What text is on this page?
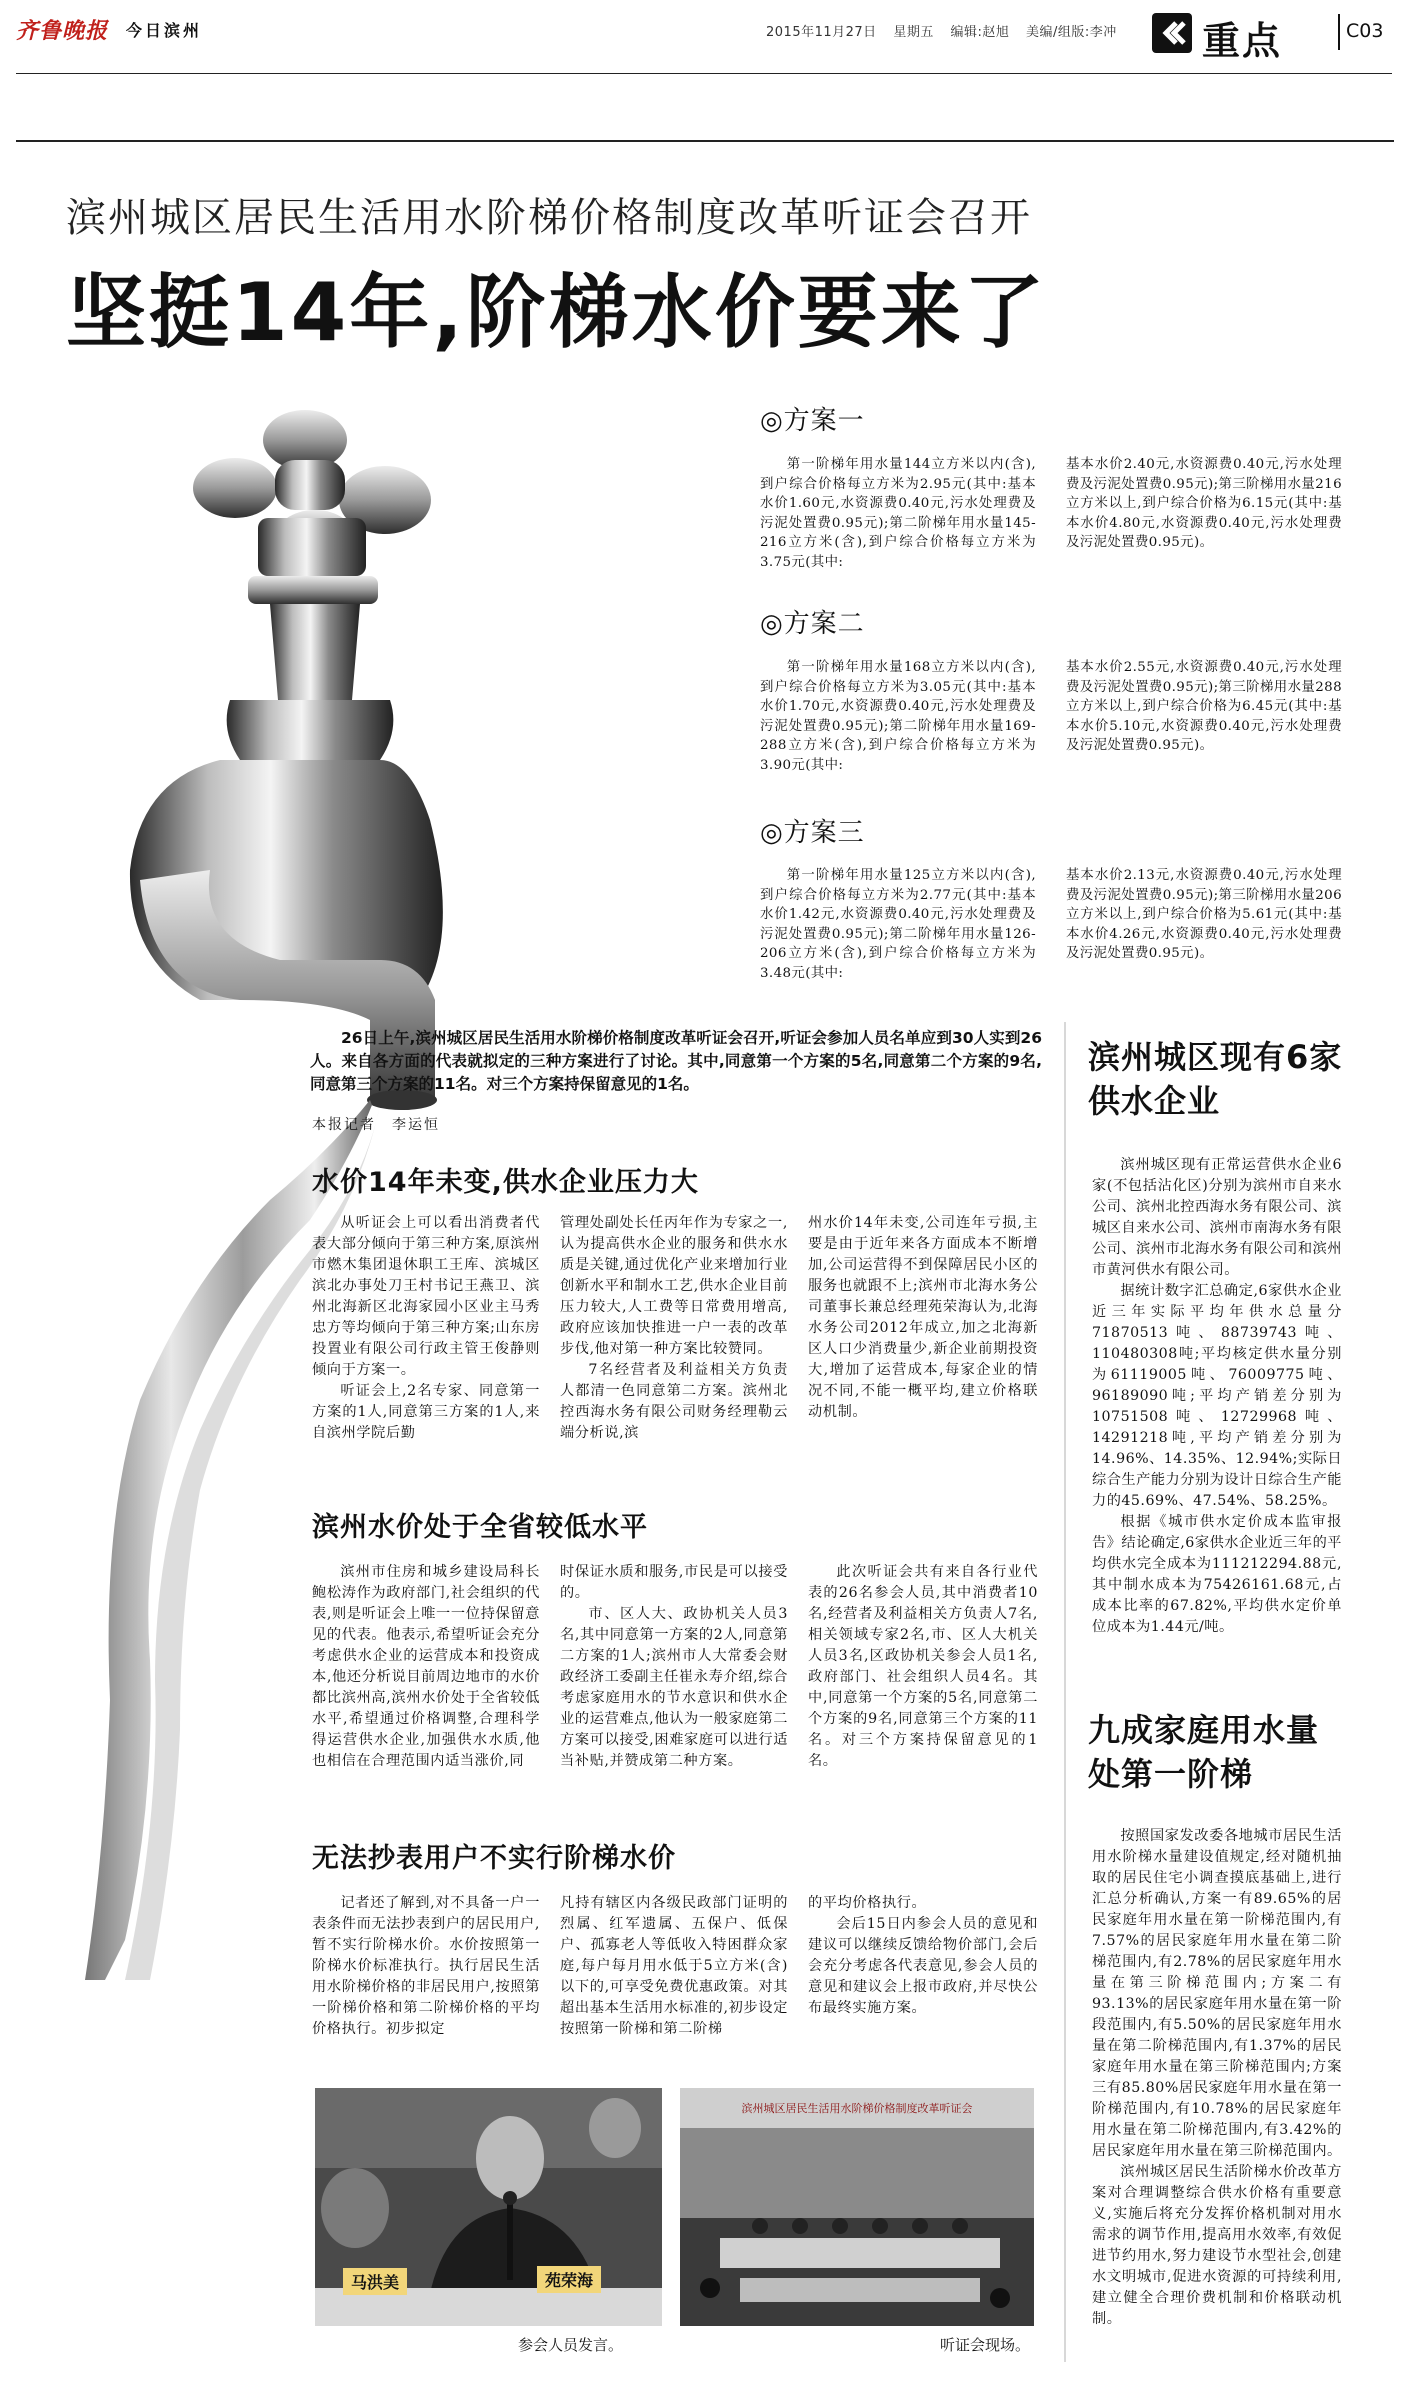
齐鲁晚报 今日滨州	2015年11月27日 星期五 编辑:赵旭 美编/组版:李冲 重点	C03
滨州城区居民生活用水阶梯价格制度改革听证会召开
坚挺14年,阶梯水价要来了
◎方案一

第一阶梯年用水量144立方米以内(含),到户综合价格每立方米为2.95元(其中:基本水价1.60元,水资源费0.40元,污水处理费及污泥处置费0.95元);第二阶梯年用水量145-216立方米(含),到户综合价格每立方米为3.75元(其中:

基本水价2.40元,水资源费0.40元,污水处理费及污泥处置费0.95元);第三阶梯用水量216立方米以上,到户综合价格为6.15元(其中:基本水价4.80元,水资源费0.40元,污水处理费及污泥处置费0.95元)。

◎方案二

第一阶梯年用水量168立方米以内(含),到户综合价格每立方米为3.05元(其中:基本水价1.70元,水资源费0.40元,污水处理费及污泥处置费0.95元);第二阶梯年用水量169-288立方米(含),到户综合价格每立方米为3.90元(其中:

基本水价2.55元,水资源费0.40元,污水处理费及污泥处置费0.95元);第三阶梯用水量288立方米以上,到户综合价格为6.45元(其中:基本水价5.10元,水资源费0.40元,污水处理费及污泥处置费0.95元)。

◎方案三

第一阶梯年用水量125立方米以内(含),到户综合价格每立方米为2.77元(其中:基本水价1.42元,水资源费0.40元,污水处理费及污泥处置费0.95元);第二阶梯年用水量126-206立方米(含),到户综合价格每立方米为3.48元(其中:

基本水价2.13元,水资源费0.40元,污水处理费及污泥处置费0.95元);第三阶梯用水量206立方米以上,到户综合价格为5.61元(其中:基本水价4.26元,水资源费0.40元,污水处理费及污泥处置费0.95元)。

26日上午,滨州城区居民生活用水阶梯价格制度改革听证会召开,听证会参加人员名单应到30人实到26人。来自各方面的代表就拟定的三种方案进行了讨论。其中,同意第一个方案的5名,同意第二个方案的9名,同意第三个方案的11名。对三个方案持保留意见的1名。
本报记者　李运恒
水价14年未变,供水企业压力大

从听证会上可以看出消费者代表大部分倾向于第三种方案,原滨州市燃木集团退休职工王库、滨城区滨北办事处刀王村书记王燕卫、滨州北海新区北海家园小区业主马秀忠方等均倾向于第三种方案;山东房投置业有限公司行政主管王俊静则倾向于方案一。

听证会上,2名专家、同意第一方案的1人,同意第三方案的1人,来自滨州学院后勤

管理处副处长任丙年作为专家之一,认为提高供水企业的服务和供水水质是关键,通过优化产业来增加行业创新水平和制水工艺,供水企业目前压力较大,人工费等日常费用增高,政府应该加快推进一户一表的改革步伐,他对第一种方案比较赞同。

7名经营者及利益相关方负责人都清一色同意第二方案。滨州北控西海水务有限公司财务经理勒云端分析说,滨

州水价14年未变,公司连年亏损,主要是由于近年来各方面成本不断增加,公司运营得不到保障居民小区的服务也就跟不上;滨州市北海水务公司董事长兼总经理苑荣海认为,北海水务公司2012年成立,加之北海新区人口少消费量少,新企业前期投资大,增加了运营成本,每家企业的情况不同,不能一概平均,建立价格联动机制。

滨州水价处于全省较低水平

滨州市住房和城乡建设局科长鲍松涛作为政府部门,社会组织的代表,则是听证会上唯一一位持保留意见的代表。他表示,希望听证会充分考虑供水企业的运营成本和投资成本,他还分析说目前周边地市的水价都比滨州高,滨州水价处于全省较低水平,希望通过价格调整,合理科学得运营供水企业,加强供水水质,他也相信在合理范围内适当涨价,同

时保证水质和服务,市民是可以接受的。

市、区人大、政协机关人员3名,其中同意第一方案的2人,同意第二方案的1人;滨州市人大常委会财政经济工委副主任崔永寿介绍,综合考虑家庭用水的节水意识和供水企业的运营难点,他认为一般家庭第二方案可以接受,困难家庭可以进行适当补贴,并赞成第二种方案。

此次听证会共有来自各行业代表的26名参会人员,其中消费者10名,经营者及利益相关方负责人7名,相关领域专家2名,市、区人大机关人员3名,区政协机关参会人员1名,政府部门、社会组织人员4名。其中,同意第一个方案的5名,同意第二个方案的9名,同意第三个方案的11名。对三个方案持保留意见的1名。

无法抄表用户不实行阶梯水价

记者还了解到,对不具备一户一表条件而无法抄表到户的居民用户,暂不实行阶梯水价。水价按照第一阶梯水价标准执行。执行居民生活用水阶梯价格的非居民用户,按照第一阶梯价格和第二阶梯价格的平均价格执行。初步拟定

凡持有辖区内各级民政部门证明的烈属、红军遗属、五保户、低保户、孤寡老人等低收入特困群众家庭,每户每月用水低于5立方米(含)以下的,可享受免费优惠政策。对其超出基本生活用水标准的,初步设定按照第一阶梯和第二阶梯

的平均价格执行。

会后15日内参会人员的意见和建议可以继续反馈给物价部门,会后会充分考虑各代表意见,参会人员的意见和建议会上报市政府,并尽快公布最终实施方案。

滨州城区现有6家供水企业

滨州城区现有正常运营供水企业6家(不包括沾化区)分别为滨州市自来水公司、滨州北控西海水务有限公司、滨城区自来水公司、滨州市南海水务有限公司、滨州市北海水务有限公司和滨州市黄河供水有限公司。

据统计数字汇总确定,6家供水企业近三年实际平均年供水总量分71870513吨、88739743吨、110480308吨;平均核定供水量分别为61119005吨、76009775吨、96189090吨;平均产销差分别为10751508吨、12729968吨、14291218吨,平均产销差分别为14.96%、14.35%、12.94%;实际日综合生产能力分别为设计日综合生产能力的45.69%、47.54%、58.25%。

根据《城市供水定价成本监审报告》结论确定,6家供水企业近三年的平均供水完全成本为111212294.88元,其中制水成本为75426161.68元,占成本比率的67.82%,平均供水定价单位成本为1.44元/吨。

九成家庭用水量处第一阶梯

按照国家发改委各地城市居民生活用水阶梯水量建设值规定,经对随机抽取的居民住宅小调查摸底基础上,进行汇总分析确认,方案一有89.65%的居民家庭年用水量在第一阶梯范围内,有7.57%的居民家庭年用水量在第二阶梯范围内,有2.78%的居民家庭年用水量在第三阶梯范围内;方案二有93.13%的居民家庭年用水量在第一阶段范围内,有5.50%的居民家庭年用水量在第二阶梯范围内,有1.37%的居民家庭年用水量在第三阶梯范围内;方案三有85.80%居民家庭年用水量在第一阶梯范围内,有10.78%的居民家庭年用水量在第二阶梯范围内,有3.42%的居民家庭年用水量在第三阶梯范围内。

滨州城区居民生活阶梯水价改革方案对合理调整综合供水价格有重要意义,实施后将充分发挥价格机制对用水需求的调节作用,提高用水效率,有效促进节约用水,努力建设节水型社会,创建水文明城市,促进水资源的可持续利用,建立健全合理价费机制和价格联动机制。

马洪美	苑荣海
参会人员发言。
滨州城区居民生活用水阶梯价格制度改革听证会
听证会现场。
